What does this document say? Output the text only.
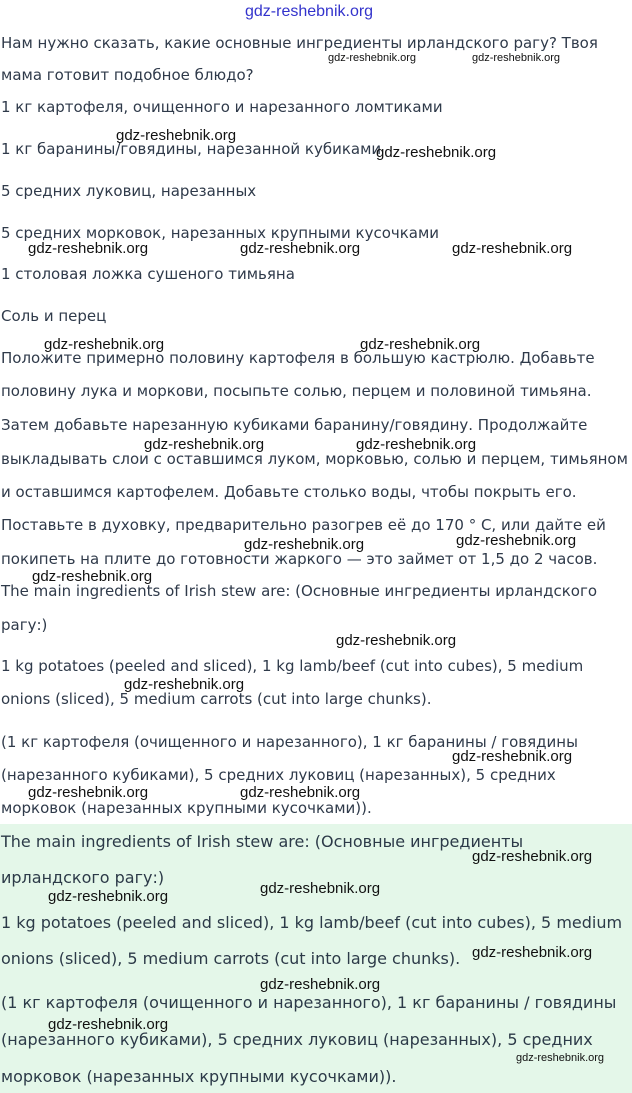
Нам нужно сказать, какие основные ингредиенты ирландского рагу? Твоя
мама готовит подобное блюдо?
1 кг картофеля, очищенного и нарезанного ломтиками
1 кг баранины/говядины, нарезанной кубиками
5 средних луковиц, нарезанных
5 средних морковок, нарезанных крупными кусочками
1 столовая ложка сушеного тимьяна
Соль и перец
Положите примерно половину картофеля в большую кастрюлю. Добавьте
половину лука и моркови, посыпьте солью, перцем и половиной тимьяна.
Затем добавьте нарезанную кубиками баранину/говядину. Продолжайте
выкладывать слои с оставшимся луком, морковью, солью и перцем, тимьяном
и оставшимся картофелем. Добавьте столько воды, чтобы покрыть его.
Поставьте в духовку, предварительно разогрев её до 170 ° C, или дайте ей
покипеть на плите до готовности жаркого — это займет от 1,5 до 2 часов.
The main ingredients of Irish stew are: (Основные ингредиенты ирландского
рагу:)
1 kg potatoes (peeled and sliced), 1 kg lamb/beef (cut into cubes), 5 medium
onions (sliced), 5 medium carrots (cut into large chunks).
(1 кг картофеля (очищенного и нарезанного), 1 кг баранины / говядины
(нарезанного кубиками), 5 средних луковиц (нарезанных), 5 средних
морковок (нарезанных крупными кусочками)).
The main ingredients of Irish stew are: (Основные ингредиенты
ирландского рагу:)
1 kg potatoes (peeled and sliced), 1 kg lamb/beef (cut into cubes), 5 medium
onions (sliced), 5 medium carrots (cut into large chunks).
(1 кг картофеля (очищенного и нарезанного), 1 кг баранины / говядины
(нарезанного кубиками), 5 средних луковиц (нарезанных), 5 средних
морковок (нарезанных крупными кусочками)).
gdz-reshebnik.org
gdz-reshebnik.org	gdz-reshebnik.org
gdz-reshebnik.org
gdz-reshebnik.org
gdz-reshebnik.org	gdz-reshebnik.org	gdz-reshebnik.org
gdz-reshebnik.org	gdz-reshebnik.org
gdz-reshebnik.org	gdz-reshebnik.org
gdz-reshebnik.org	gdz-reshebnik.org
gdz-reshebnik.org
gdz-reshebnik.org
gdz-reshebnik.org
gdz-reshebnik.org
gdz-reshebnik.org	gdz-reshebnik.org
gdz-reshebnik.org
gdz-reshebnik.org
gdz-reshebnik.org
gdz-reshebnik.org
gdz-reshebnik.org
gdz-reshebnik.org
gdz-reshebnik.org
